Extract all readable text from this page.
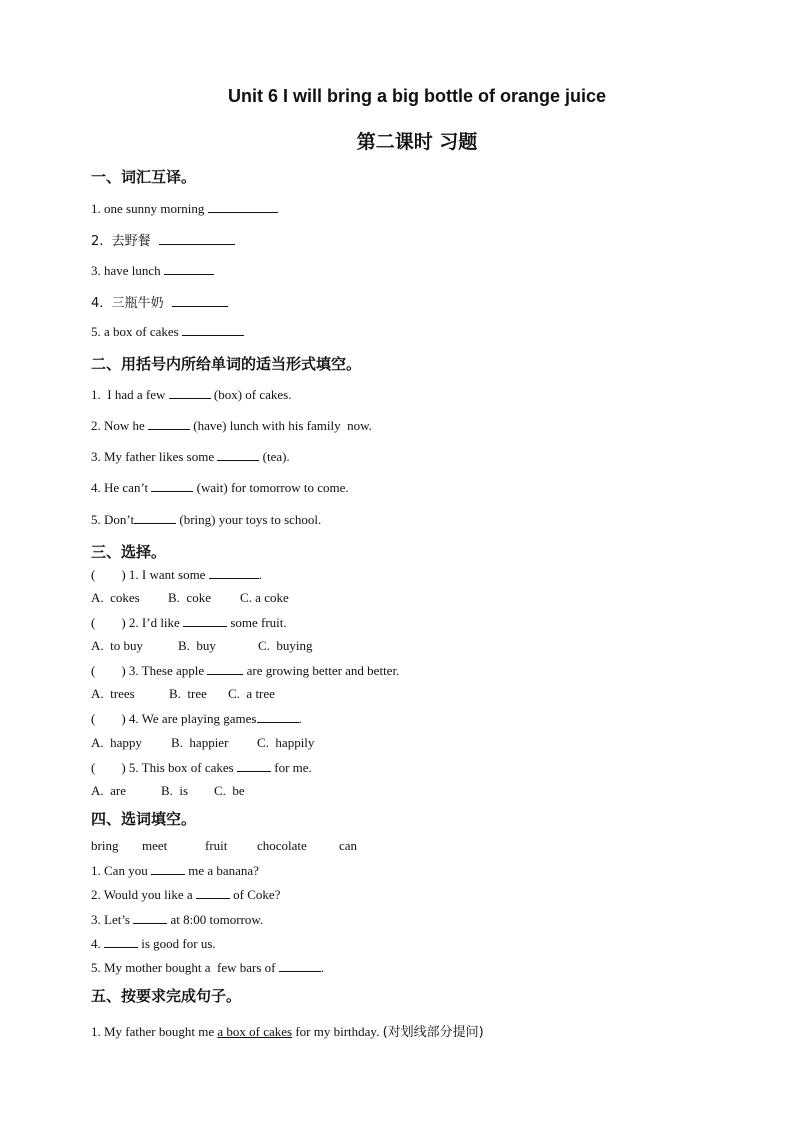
Unit 6 I will bring a big bottle of orange juice
第二课时 习题
一、词汇互译。
1. one sunny morning
2.  去野餐
3. have lunch
4.  三瓶牛奶
5. a box of cakes
二、用括号内所给单词的适当形式填空。
1.  I had a few	(box) of cakes.
2. Now he	(have) lunch with his family  now.
3. My father likes some	(tea).
4. He can’t	(wait) for tomorrow to come.
5. Don’t	(bring) your toys to school.
三、选择。
(        ) 1. I want some	.
A.  cokes B.  coke C. a coke
(        ) 2. I’d like	some fruit.
A.  to buy	B.  buy	C.  buying
(        ) 3. These apple	are growing better and better.
A.  trees	B.  tree C.  a tree
(        ) 4. We are playing games	.
A.  happy B.  happier C.  happily
(        ) 5. This box of cakes	for me.
A.  are	B.  is C.  be
四、选词填空。
bring meet	fruit chocolate can
1. Can you	me a banana?
2. Would you like a	of Coke?
3. Let’s	at 8:00 tomorrow.
4.	is good for us.
5. My mother bought a  few bars of	.
五、按要求完成句子。
1. My father bought me a box of cakes for my birthday. (对划线部分提问)
